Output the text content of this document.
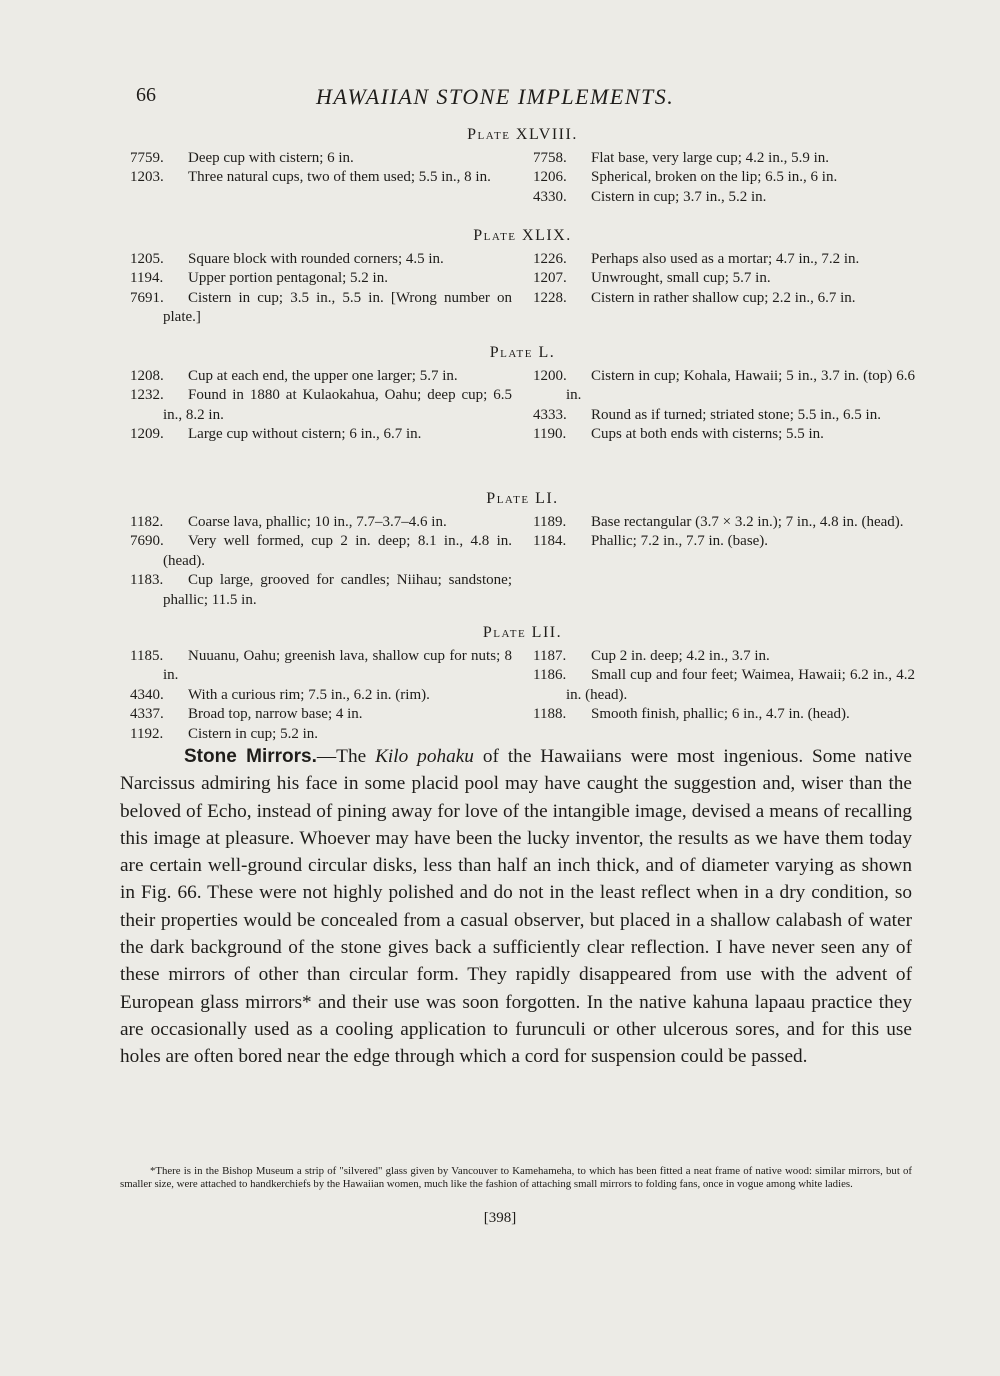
66	HAWAIIAN STONE IMPLEMENTS.
Plate XLVIII.

7759. Deep cup with cistern; 6 in.

1203. Three natural cups, two of them used; 5.5 in., 8 in.

7758. Flat base, very large cup; 4.2 in., 5.9 in.

1206. Spherical, broken on the lip; 6.5 in., 6 in.

4330. Cistern in cup; 3.7 in., 5.2 in.

Plate XLIX.

1205. Square block with rounded corners; 4.5 in.

1194. Upper portion pentagonal; 5.2 in.

7691. Cistern in cup; 3.5 in., 5.5 in. [Wrong number on plate.]

1226. Perhaps also used as a mortar; 4.7 in., 7.2 in.

1207. Unwrought, small cup; 5.7 in.

1228. Cistern in rather shallow cup; 2.2 in., 6.7 in.

Plate L.

1208. Cup at each end, the upper one larger; 5.7 in.

1232. Found in 1880 at Kulaokahua, Oahu; deep cup; 6.5 in., 8.2 in.

1209. Large cup without cistern; 6 in., 6.7 in.

1200. Cistern in cup; Kohala, Hawaii; 5 in., 3.7 in. (top) 6.6 in.

4333. Round as if turned; striated stone; 5.5 in., 6.5 in.

1190. Cups at both ends with cisterns; 5.5 in.

Plate LI.

1182. Coarse lava, phallic; 10 in., 7.7–3.7–4.6 in.

7690. Very well formed, cup 2 in. deep; 8.1 in., 4.8 in. (head).

1183. Cup large, grooved for candles; Niihau; sandstone; phallic; 11.5 in.

1189. Base rectangular (3.7 × 3.2 in.); 7 in., 4.8 in. (head).

1184. Phallic; 7.2 in., 7.7 in. (base).

Plate LII.

1185. Nuuanu, Oahu; greenish lava, shallow cup for nuts; 8 in.

4340. With a curious rim; 7.5 in., 6.2 in. (rim).

4337. Broad top, narrow base; 4 in.

1192. Cistern in cup; 5.2 in.

1187. Cup 2 in. deep; 4.2 in., 3.7 in.

1186. Small cup and four feet; Waimea, Hawaii; 6.2 in., 4.2 in. (head).

1188. Smooth finish, phallic; 6 in., 4.7 in. (head).

Stone Mirrors.—The Kilo pohaku of the Hawaiians were most ingenious. Some native Narcissus admiring his face in some placid pool may have caught the suggestion and, wiser than the beloved of Echo, instead of pining away for love of the intangible image, devised a means of recalling this image at pleasure. Whoever may have been the lucky inventor, the results as we have them today are certain well-ground circular disks, less than half an inch thick, and of diameter varying as shown in Fig. 66. These were not highly polished and do not in the least reflect when in a dry condition, so their properties would be concealed from a casual observer, but placed in a shallow calabash of water the dark background of the stone gives back a sufficiently clear reflection. I have never seen any of these mirrors of other than circular form. They rapidly disappeared from use with the advent of European glass mirrors* and their use was soon forgotten. In the native kahuna lapaau practice they are occasionally used as a cooling application to furunculi or other ulcerous sores, and for this use holes are often bored near the edge through which a cord for suspension could be passed.

*There is in the Bishop Museum a strip of "silvered" glass given by Vancouver to Kamehameha, to which has been fitted a neat frame of native wood: similar mirrors, but of smaller size, were attached to handkerchiefs by the Hawaiian women, much like the fashion of attaching small mirrors to folding fans, once in vogue among white ladies.

[398]
